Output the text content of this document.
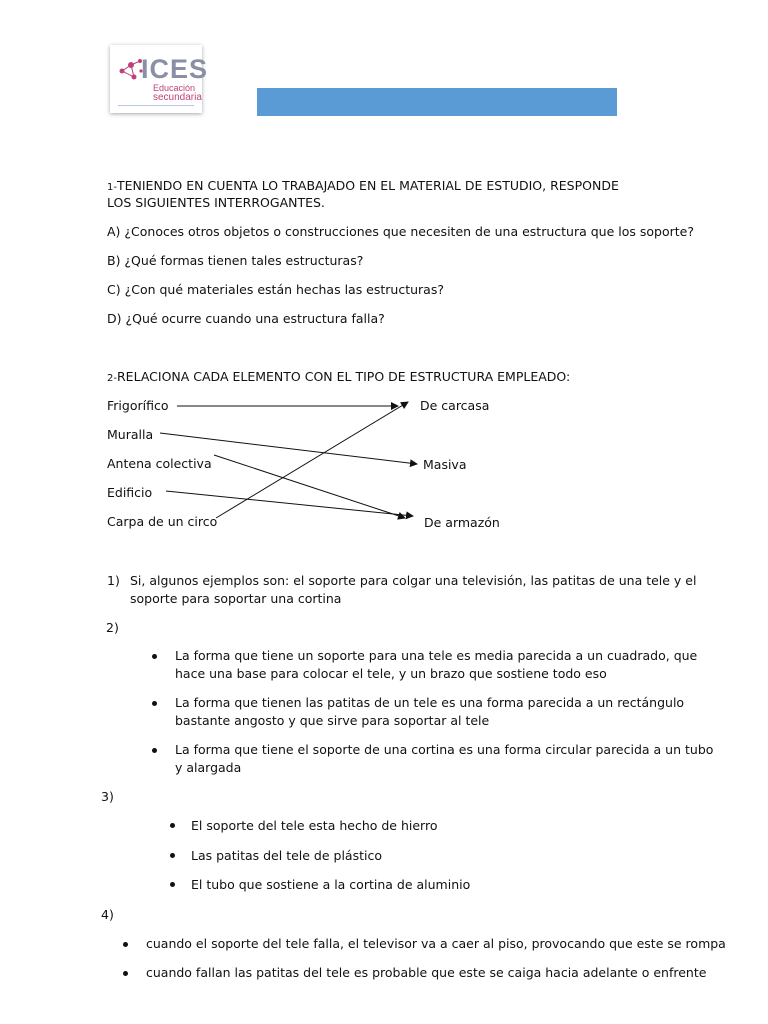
ICES
Educación
secundaria
1-TENIENDO EN CUENTA LO TRABAJADO EN EL MATERIAL DE ESTUDIO, RESPONDE
LOS SIGUIENTES INTERROGANTES.
A) ¿Conoces otros objetos o construcciones que necesiten de una estructura que los soporte?
B) ¿Qué formas tienen tales estructuras?
C) ¿Con qué materiales están hechas las estructuras?
D) ¿Qué ocurre cuando una estructura falla?
2-RELACIONA CADA ELEMENTO CON EL TIPO DE ESTRUCTURA EMPLEADO:
Frigorífico
Muralla
Antena colectiva
Edificio
Carpa de un circo
De carcasa
Masiva
De armazón
1) Si, algunos ejemplos son: el soporte para colgar una televisión, las patitas de una tele y el
soporte para soportar una cortina
2)
La forma que tiene un soporte para una tele es media parecida a un cuadrado, que
hace una base para colocar el tele, y un brazo que sostiene todo eso
La forma que tienen las patitas de un tele es una forma parecida a un rectángulo
bastante angosto y que sirve para soportar al tele
La forma que tiene el soporte de una cortina es una forma circular parecida a un tubo
y alargada
3)
El soporte del tele esta hecho de hierro
Las patitas del tele de plástico
El tubo que sostiene a la cortina de aluminio
4)
cuando el soporte del tele falla, el televisor va a caer al piso, provocando que este se rompa
cuando fallan las patitas del tele es probable que este se caiga hacia adelante o enfrente
